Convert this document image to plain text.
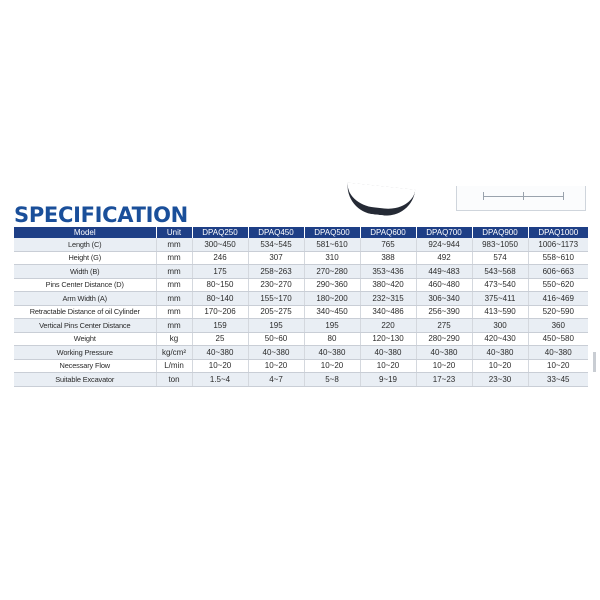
SPECIFICATION
Model	Unit	DPAQ250	DPAQ450	DPAQ500	DPAQ600	DPAQ700	DPAQ900	DPAQ1000
Length (C)	mm	300~450	534~545	581~610	765	924~944	983~1050	1006~1173
Height (G)	mm	246	307	310	388	492	574	558~610
Width (B)	mm	175	258~263	270~280	353~436	449~483	543~568	606~663
Pins Center Distance (D)	mm	80~150	230~270	290~360	380~420	460~480	473~540	550~620
Arm Width (A)	mm	80~140	155~170	180~200	232~315	306~340	375~411	416~469
Retractable Distance of oil Cylinder	mm	170~206	205~275	340~450	340~486	256~390	413~590	520~590
Vertical Pins Center Distance	mm	159	195	195	220	275	300	360
Weight	kg	25	50~60	80	120~130	280~290	420~430	450~580
Working Pressure	kg/cm²	40~380	40~380	40~380	40~380	40~380	40~380	40~380
Necessary Flow	L/min	10~20	10~20	10~20	10~20	10~20	10~20	10~20
Suitable Excavator	ton	1.5~4	4~7	5~8	9~19	17~23	23~30	33~45
